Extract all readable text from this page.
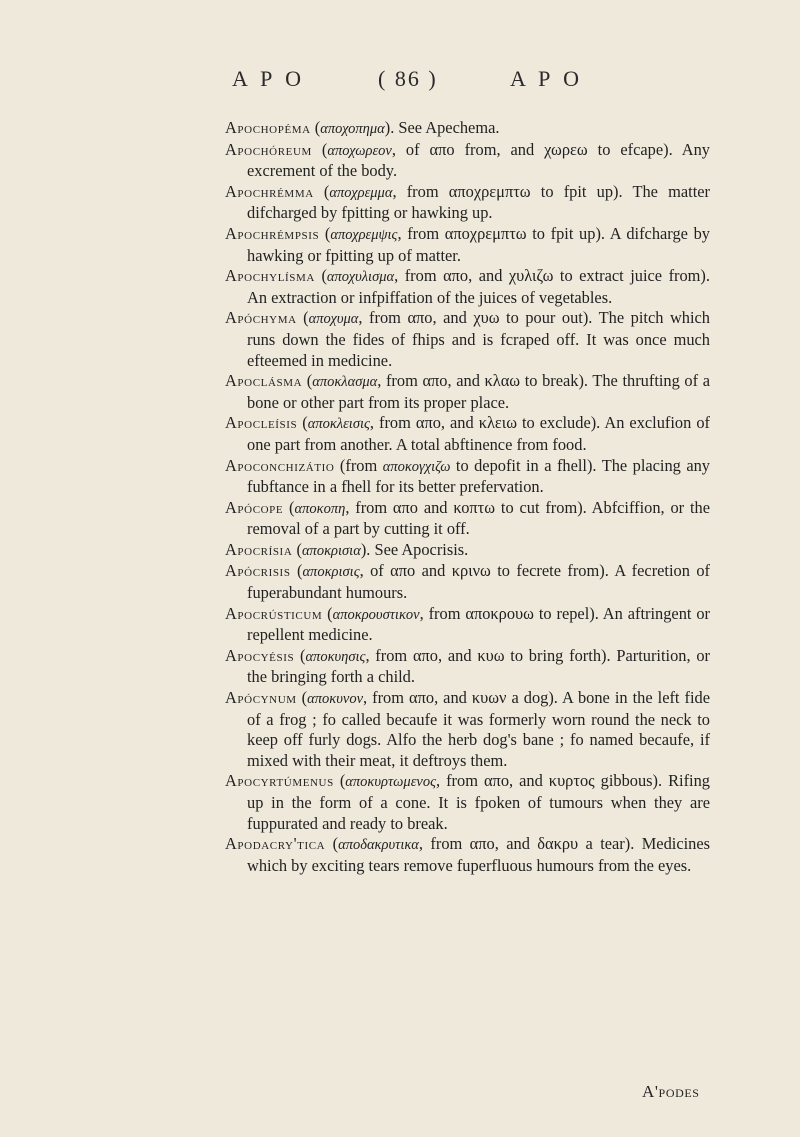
A P O	( 86 )	A P O

Apochopéma (αποχοπημα). See Apechema.

Apochóreum (αποχωρεον, of απο from, and χωρεω to efcape). Any excrement of the body.

Apochrémma (αποχρεμμα, from αποχρεμπτω to fpit up). The matter difcharged by fpitting or hawking up.

Apochrémpsis (αποχρεμψις, from αποχρεμπτω to fpit up). A difcharge by hawking or fpitting up of matter.

Apochylísma (αποχυλισμα, from απο, and χυλιζω to extract juice from). An extraction or infpiffation of the juices of vegetables.

Apóchyma (αποχυμα, from απο, and χυω to pour out). The pitch which runs down the fides of fhips and is fcraped off. It was once much efteemed in medicine.

Apoclásma (αποκλασμα, from απο, and κλαω to break). The thrufting of a bone or other part from its proper place.

Apocleísis (αποκλεισις, from απο, and κλειω to exclude). An exclufion of one part from another. A total abftinence from food.

Apoconchizátio (from αποκογχιζω to depofit in a fhell). The placing any fubftance in a fhell for its better prefervation.

Apócope (αποκοπη, from απο and κοπτω to cut from). Abfciffion, or the removal of a part by cutting it off.

Apocrísia (αποκρισια). See Apocrisis.

Apócrisis (αποκρισις, of απο and κρινω to fecrete from). A fecretion of fuperabundant humours.

Apocrústicum (αποκρουστικον, from αποκρουω to repel). An aftringent or repellent medicine.

Apocyésis (αποκυησις, from απο, and κυω to bring forth). Parturition, or the bringing forth a child.

Apócynum (αποκυνον, from απο, and κυων a dog). A bone in the left fide of a frog ; fo called becaufe it was formerly worn round the neck to keep off furly dogs. Alfo the herb dog's bane ; fo named becaufe, if mixed with their meat, it deftroys them.

Apocyrtúmenus (αποκυρτωμενος, from απο, and κυρτος gibbous). Rifing up in the form of a cone. It is fpoken of tumours when they are fuppurated and ready to break.

Apodacry'tica (αποδακρυτικα, from απο, and δακρυ a tear). Medicines which by exciting tears remove fuperfluous humours from the eyes.

A'podes
